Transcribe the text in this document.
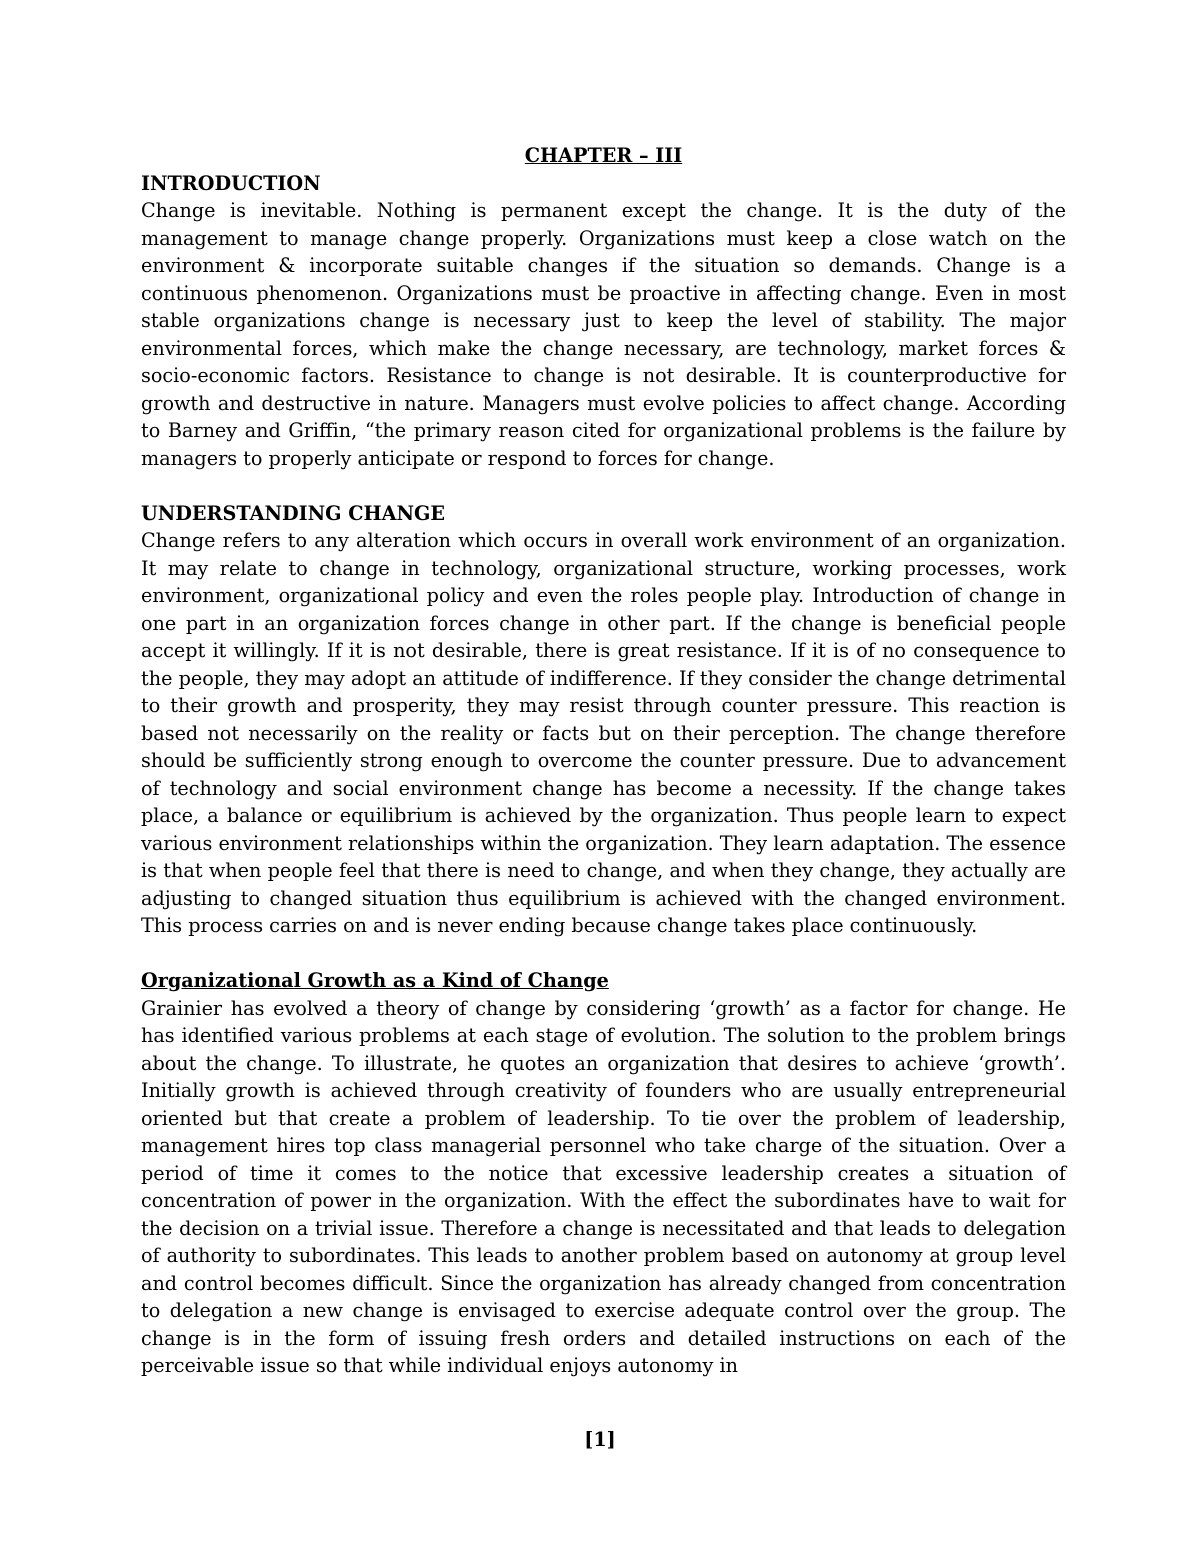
CHAPTER – III

INTRODUCTION

Change is inevitable. Nothing is permanent except the change. It is the duty of the management to manage change properly. Organizations must keep a close watch on the environment & incorporate suitable changes if the situation so demands. Change is a continuous phenomenon. Organizations must be proactive in affecting change. Even in most stable organizations change is necessary just to keep the level of stability. The major environmental forces, which make the change necessary, are technology, market forces & socio-economic factors. Resistance to change is not desirable. It is counterproductive for growth and destructive in nature. Managers must evolve policies to affect change. According to Barney and Griffin, “the primary reason cited for organizational problems is the failure by managers to properly anticipate or respond to forces for change.

UNDERSTANDING CHANGE

Change refers to any alteration which occurs in overall work environment of an organization. It may relate to change in technology, organizational structure, working processes, work environment, organizational policy and even the roles people play. Introduction of change in one part in an organization forces change in other part. If the change is beneficial people accept it willingly. If it is not desirable, there is great resistance. If it is of no consequence to the people, they may adopt an attitude of indifference. If they consider the change detrimental to their growth and prosperity, they may resist through counter pressure. This reaction is based not necessarily on the reality or facts but on their perception. The change therefore should be sufficiently strong enough to overcome the counter pressure. Due to advancement of technology and social environment change has become a necessity. If the change takes place, a balance or equilibrium is achieved by the organization. Thus people learn to expect various environment relationships within the organization. They learn adaptation. The essence is that when people feel that there is need to change, and when they change, they actually are adjusting to changed situation thus equilibrium is achieved with the changed environment. This process carries on and is never ending because change takes place continuously.

Organizational Growth as a Kind of Change

Grainier has evolved a theory of change by considering ‘growth’ as a factor for change. He has identified various problems at each stage of evolution. The solution to the problem brings about the change. To illustrate, he quotes an organization that desires to achieve ‘growth’. Initially growth is achieved through creativity of founders who are usually entrepreneurial oriented but that create a problem of leadership. To tie over the problem of leadership, management hires top class managerial personnel who take charge of the situation. Over a period of time it comes to the notice that excessive leadership creates a situation of concentration of power in the organization. With the effect the subordinates have to wait for the decision on a trivial issue. Therefore a change is necessitated and that leads to delegation of authority to subordinates. This leads to another problem based on autonomy at group level and control becomes difficult. Since the organization has already changed from concentration to delegation a new change is envisaged to exercise adequate control over the group. The change is in the form of issuing fresh orders and detailed instructions on each of the perceivable issue so that while individual enjoys autonomy in

[1]
